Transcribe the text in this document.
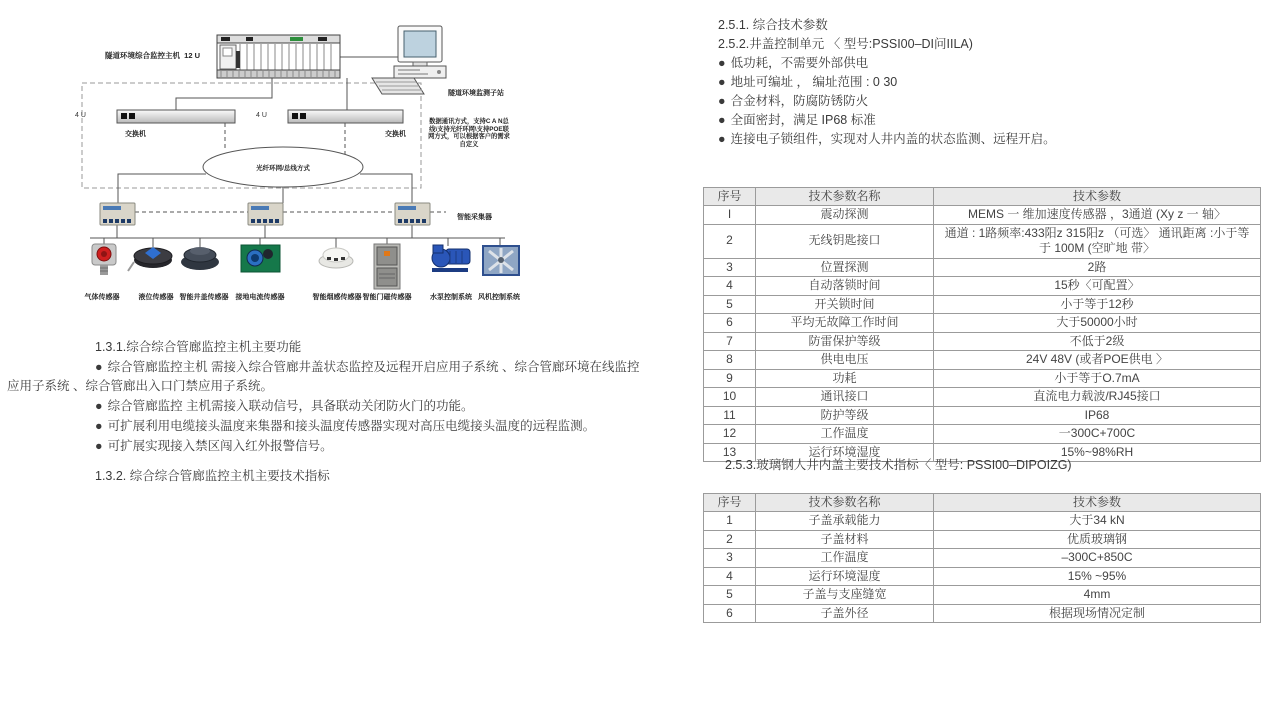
隧道环境综合监控主机 12 U
4 U	4 U
交换机	交换机
光纤环网/总线方式
隧道环境监测子站
数据通讯方式，支持C A N总线\支持光纤环网\支持POE联网方式，可以根据客户的需求自定义
智能采集器
气体传感器	液位传感器 智能井盖传感器 接地电流传感器	智能烟感传感器 智能门磁传感器	水泵控制系统 风机控制系统

1.3.1.综合综合管廊监控主机主要功能

● 综合管廊监控主机 需接入综合管廊井盖状态监控及远程开启应用子系统 、综合管廊环境在线监控应用子系统 、综合管廊出入口门禁应用子系统。

● 综合管廊监控 主机需接入联动信号，具备联动关闭防火门的功能。

● 可扩展利用电缆接头温度来集器和接头温度传感器实现对高压电缆接头温度的远程监测。

● 可扩展实现接入禁区闯入红外报警信号。

1.3.2. 综合综合管廊监控主机主要技术指标

2.5.1. 综合技术参数

2.5.2.井盖控制单元 〈 型号:PSSI00–DI问IILA)

● 低功耗，不需要外部供电

● 地址可编址 ， 编址范围 : 0 30

● 合金材料，防腐防锈防火

● 全面密封，满足 IP68 标准

● 连接电子锁组件，实现对人井内盖的状态监测、远程开启。

序号	技术参数名称	技术参数
I	震动探测	MEMS 一 维加速度传感器 ，3通道 (Xy z 一 轴〉
2	无线钥匙接口	通道 : 1路频率:433阳z 315阳z （可选〉 通讯距离 :小于等于 100M (空旷地 带〉
3	位置探测	2路
4	自动落锁时间	15秒〈可配置〉
5	开关锁时间	小于等于12秒
6	平均无故障工作时间	大于50000小时
7	防雷保护等级	不低于2级
8	供电电压	24V 48V (或者POE供电 〉
9	功耗	小于等于O.7mA
10	通讯接口	直流电力载波/RJ45接口
11	防护等级	IP68
12	工作温度	一300C+700C
13	运行环境湿度	15%~98%RH
2.5.3.玻璃钢人井内盖主要技术指标〈 型号: PSSI00–DIPOIZG)
序号	技术参数名称	技术参数
1	子盖承载能力	大于34 kN
2	子盖材料	优质玻璃钢
3	工作温度	–300C+850C
4	运行环境湿度	15% ~95%
5	子盖与支座缝宽	4mm
6	子盖外径	根据现场情况定制
